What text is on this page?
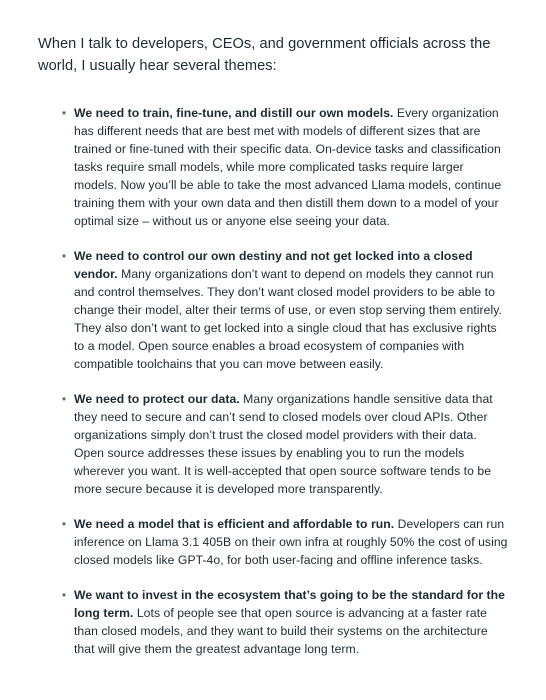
When I talk to developers, CEOs, and government officials across the world, I usually hear several themes:

• We need to train, fine-tune, and distill our own models. Every organization has different needs that are best met with models of different sizes that are trained or fine-tuned with their specific data. On-device tasks and classification tasks require small models, while more complicated tasks require larger models. Now you’ll be able to take the most advanced Llama models, continue training them with your own data and then distill them down to a model of your optimal size – without us or anyone else seeing your data.
• We need to control our own destiny and not get locked into a closed vendor. Many organizations don’t want to depend on models they cannot run and control themselves. They don’t want closed model providers to be able to change their model, alter their terms of use, or even stop serving them entirely. They also don’t want to get locked into a single cloud that has exclusive rights to a model. Open source enables a broad ecosystem of companies with compatible toolchains that you can move between easily.
• We need to protect our data. Many organizations handle sensitive data that they need to secure and can’t send to closed models over cloud APIs. Other organizations simply don’t trust the closed model providers with their data. Open source addresses these issues by enabling you to run the models wherever you want. It is well-accepted that open source software tends to be more secure because it is developed more transparently.
• We need a model that is efficient and affordable to run. Developers can run inference on Llama 3.1 405B on their own infra at roughly 50% the cost of using closed models like GPT-4o, for both user-facing and offline inference tasks.
• We want to invest in the ecosystem that’s going to be the standard for the long term. Lots of people see that open source is advancing at a faster rate than closed models, and they want to build their systems on the architecture that will give them the greatest advantage long term.
